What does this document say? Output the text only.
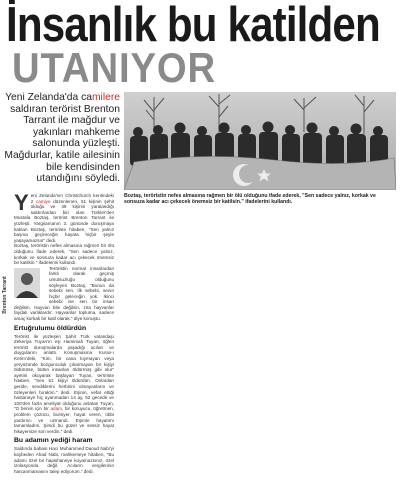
İnsanlık bu katilden
UTANIYOR
Yeni Zelanda'da camilere saldıran terörist Brenton Tarrant ile mağdur ve yakınları mahkeme salonunda yüzleşti. Mağdurlar, katile ailesinin bile kendisinden utandığını söyledi.
Boztaş, teröristin nefes almasına rağmen bir ölü olduğunu ifade ederek, "Sen sadece yalnız, korkak ve sonsuza kadar acı çekecek önemsiz bir katilsin." ifadelerini kullandı.
Brenton Tarrant
Y eni Zelanda'nın Christchurch kentindeki 2 camiye düzenlenen, 51 kişinin şehit olduğu ve 49 kişinin yaralandığı saldırılardan biri olan Türkler'den Mustafa Boztaş, terörist Brenton Tarrant ile yüzleşti. Yargılamanın 3. gününde duruşmaya katılan Boztaş, teröriste hitaben, "Sen yalnız başına geçireceğin hayata hiçbir şeyle yaşayamazsın" dedi.

Boztaş, teröristin nefes almasına rağmen bir ölü olduğunu ifade ederek, "Sen sadece yalnız, korkak ve sonsuza kadar acı çekecek önemsiz bir katilsin." ifadelerini kullandı.

Teröristin normal insanlardan farklı olarak geçmiş umutsuzluğu olduğunu söyleyen Boztaş, "Bunun da sebebi sen. İlk sebebi, senin hiçbir geleceğin yok. İkinci sebebi ise sen bir insan değilsin. Hayvan bile değilsin, zira hayvanlar faydalı varlıklardır. Hayvanlar topluma, sadece amaç korkak bir katil olarak." diye konuştu.

Ertuğrulumu öldürdün

Terörist ile yüzleşen Şahit Türk vatandaşı Zekeriya Tuyan'ın eşi Hamimah Tuyan, öğlen terörist duruşmalarda yaşadığı acıları ve duygularını anlattı. Konuşmasına Kuran-ı Kerim'deki, "Kim, bir cana kıymayan veya yeryüzünde bozgunculuk çıkarmayan bir kişiyi öldürürse, bütün insanları öldürmüş gibi olur" ayetini okuyarak başlayan Tuyan, teröriste hitaben, "Sen 51 kişiyi öldürdün. Onlardan geride, sevdiklerini herbirini olmayanların ve özleyenleri bıraktın." dedi. Eşinin, vefat ettiği hastaneye hiç uyanmadan 14 ay, 52 gecede ve 100'den fazla ameliyat olduğunu anlatan Tuyan, "O benim için bir adam, bir koruyucu, öğretmen, problem çözücü, bursiyer, hayat veren, tıbbi yardımcı ve uzmandı. Eşimle hayatımı tamamladım. Şimdi bu güzel ve sessiz hayat hikayemize son verdin." dedi.

Bu adamın yediği haram

Saldırıda babası Hacı Muhammed Daoud Nabi'yi kaybeden Ahad Nabi, mahkemeye hitaben, "Bu adamı özel bir hapishaneye koyamazsınız, özel izolasyonda değil. Acıların vergilerinin harcanmamasını talep ediyorum." dedi.
